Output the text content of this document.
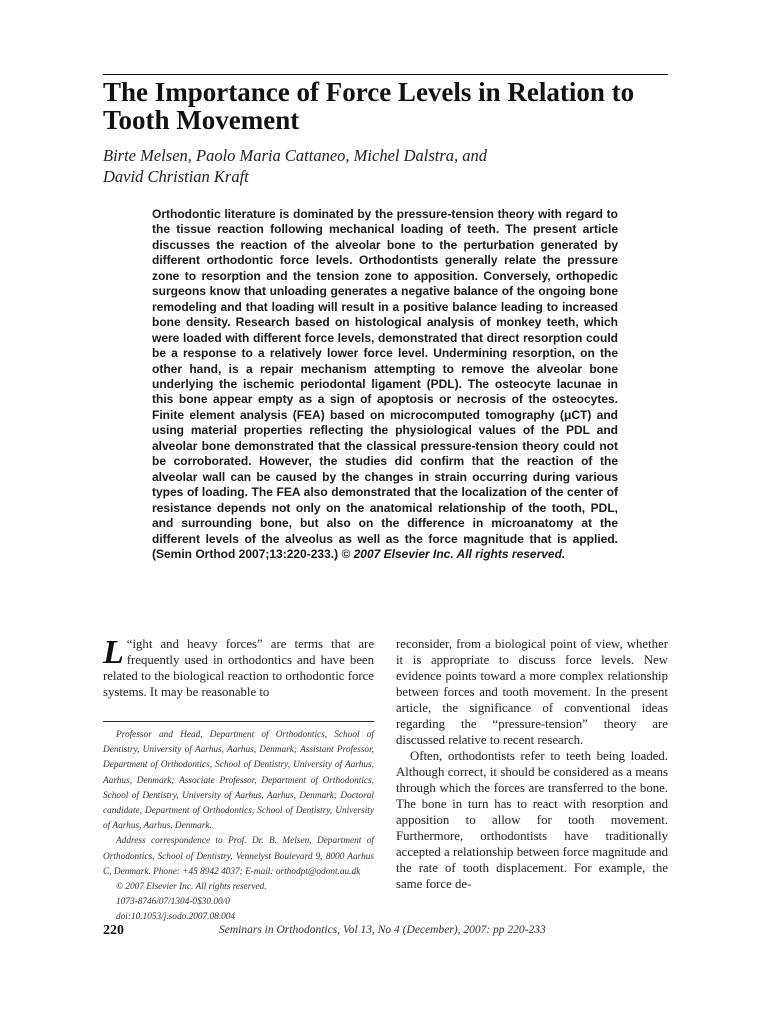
The Importance of Force Levels in Relation to
Tooth Movement
Birte Melsen, Paolo Maria Cattaneo, Michel Dalstra, and
David Christian Kraft

Orthodontic literature is dominated by the pressure-tension theory with regard to the tissue reaction following mechanical loading of teeth. The present article discusses the reaction of the alveolar bone to the perturbation generated by different orthodontic force levels. Orthodontists generally relate the pressure zone to resorption and the tension zone to apposition. Conversely, orthopedic surgeons know that unloading generates a negative balance of the ongoing bone remodeling and that loading will result in a positive balance leading to increased bone density. Research based on histological analysis of monkey teeth, which were loaded with different force levels, demonstrated that direct resorption could be a response to a relatively lower force level. Undermining resorption, on the other hand, is a repair mechanism attempting to remove the alveolar bone underlying the ischemic periodontal ligament (PDL). The osteocyte lacunae in this bone appear empty as a sign of apoptosis or necrosis of the osteocytes. Finite element analysis (FEA) based on microcomputed tomography (μCT) and using material properties reflecting the physiological values of the PDL and alveolar bone demonstrated that the classical pressure-tension theory could not be corroborated. However, the studies did confirm that the reaction of the alveolar wall can be caused by the changes in strain occurring during various types of loading. The FEA also demonstrated that the localization of the center of resistance depends not only on the anatomical relationship of the tooth, PDL, and surrounding bone, but also on the difference in microanatomy at the different levels of the alveolus as well as the force magnitude that is applied. (Semin Orthod 2007;13:220-233.) © 2007 Elsevier Inc. All rights reserved.

“
L ight and heavy forces” are terms that are frequently used in orthodontics and have been related to the biological reaction to orthodontic force systems. It may be reasonable to

Professor and Head, Department of Orthodontics, School of Dentistry, University of Aarhus, Aarhus, Denmark; Assistant Professor, Department of Orthodontics, School of Dentistry, University of Aarhus, Aarhus, Denmark; Associate Professor, Department of Orthodontics, School of Dentistry, University of Aarhus, Aarhus, Denmark; Doctoral candidate, Department of Orthodontics, School of Dentistry, University of Aarhus, Aarhus, Denmark.

Address correspondence to Prof. Dr. B. Melsen, Department of Orthodontics, School of Dentistry, Vennelyst Boulevard 9, 8000 Aarhus C, Denmark. Phone: +45 8942 4037; E-mail: orthodpt@odont.au.dk

© 2007 Elsevier Inc. All rights reserved.

1073-8746/07/1304-0$30.00/0

doi:10.1053/j.sodo.2007.08.004

reconsider, from a biological point of view, whether it is appropriate to discuss force levels. New evidence points toward a more complex relationship between forces and tooth movement. In the present article, the significance of conventional ideas regarding the “pressure-tension” theory are discussed relative to recent research.

Often, orthodontists refer to teeth being loaded. Although correct, it should be considered as a means through which the forces are transferred to the bone. The bone in turn has to react with resorption and apposition to allow for tooth movement. Furthermore, orthodontists have traditionally accepted a relationship between force magnitude and the rate of tooth displacement. For example, the same force de-

220	Seminars in Orthodontics, Vol 13, No 4 (December), 2007: pp 220-233
